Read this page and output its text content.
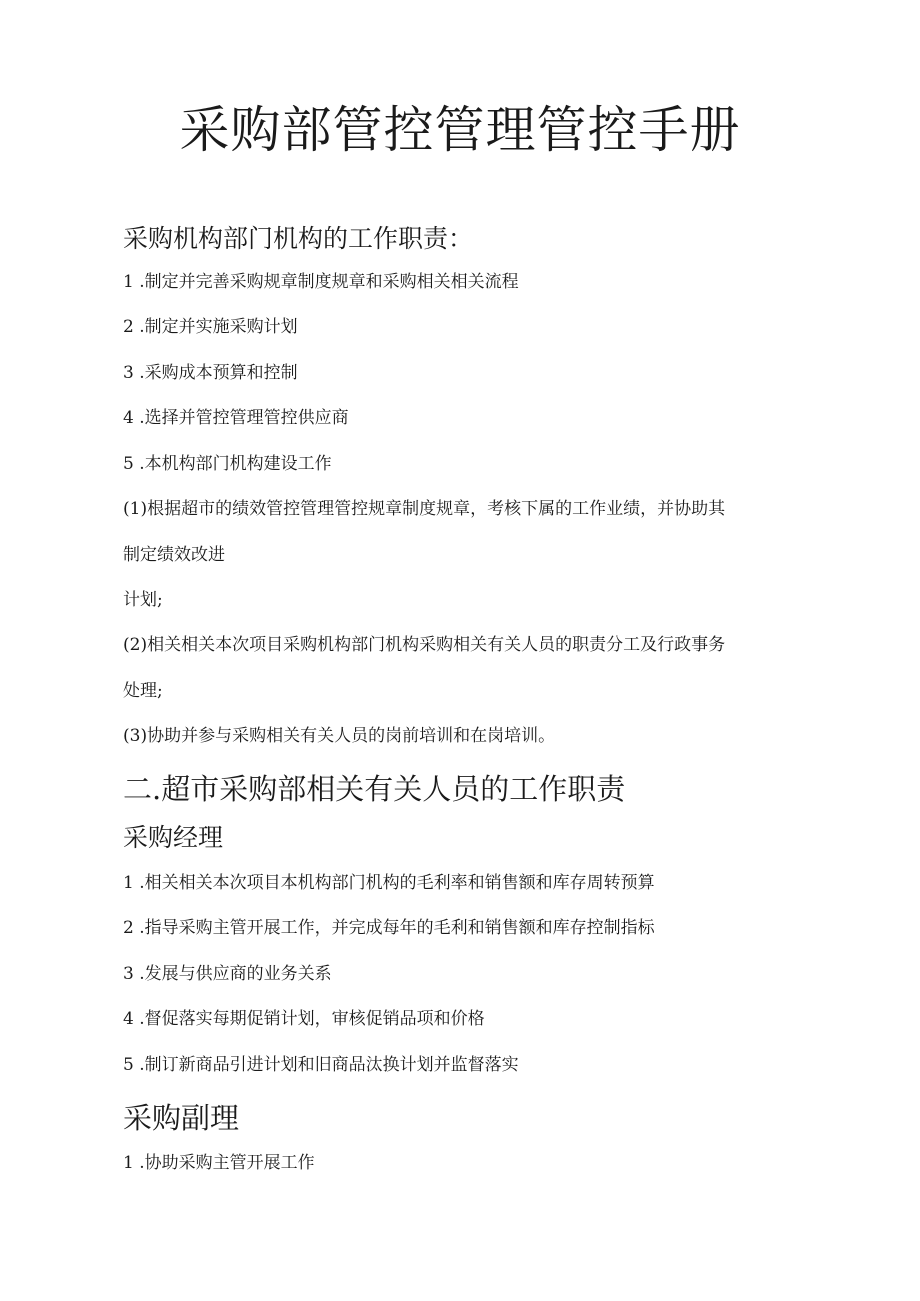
采购部管控管理管控手册
采购机构部门机构的工作职责：
1 .制定并完善采购规章制度规章和采购相关相关流程
2 .制定并实施采购计划
3 .采购成本预算和控制
4 .选择并管控管理管控供应商
5 .本机构部门机构建设工作
(1)根据超市的绩效管控管理管控规章制度规章，考核下属的工作业绩，并协助其
制定绩效改进
计划;
(2)相关相关本次项目采购机构部门机构采购相关有关人员的职责分工及行政事务
处理;
(3)协助并参与采购相关有关人员的岗前培训和在岗培训。
二.超市采购部相关有关人员的工作职责
采购经理
1 .相关相关本次项目本机构部门机构的毛利率和销售额和库存周转预算
2 .指导采购主管开展工作，并完成每年的毛利和销售额和库存控制指标
3 .发展与供应商的业务关系
4 .督促落实每期促销计划，审核促销品项和价格
5 .制订新商品引进计划和旧商品汰换计划并监督落实
采购副理
1 .协助采购主管开展工作
